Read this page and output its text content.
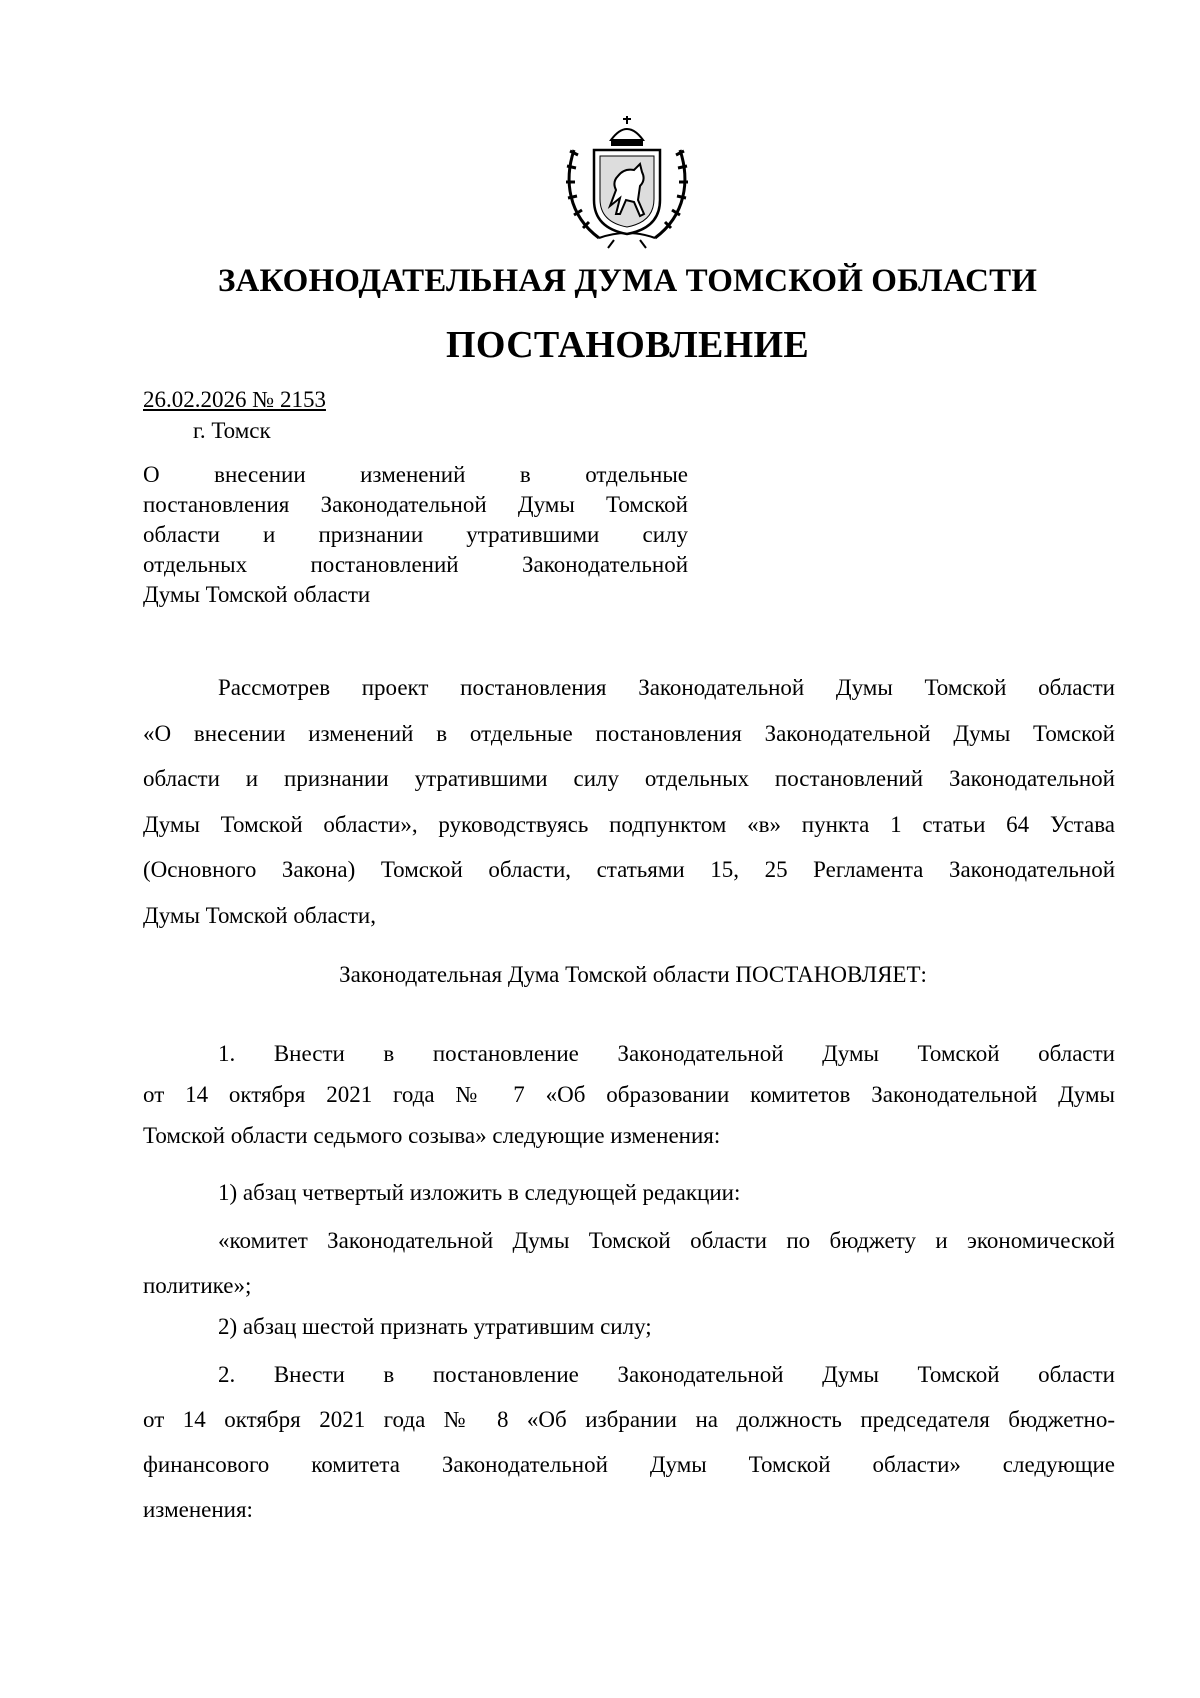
ЗАКОНОДАТЕЛЬНАЯ ДУМА ТОМСКОЙ ОБЛАСТИ
ПОСТАНОВЛЕНИЕ
26.02.2026 № 2153
г. Томск
О внесении изменений в отдельные
постановления Законодательной Думы Томской
области и признании утратившими силу
отдельных постановлений Законодательной
Думы Томской области
Рассмотрев проект постановления Законодательной Думы Томской области
«О внесении изменений в отдельные постановления Законодательной Думы Томской
области и признании утратившими силу отдельных постановлений Законодательной
Думы Томской области», руководствуясь подпунктом «в» пункта 1 статьи 64 Устава
(Основного Закона) Томской области, статьями 15, 25 Регламента Законодательной
Думы Томской области,
Законодательная Дума Томской области ПОСТАНОВЛЯЕТ:
1. Внести в постановление Законодательной Думы Томской области
от 14 октября 2021 года № 7 «Об образовании комитетов Законодательной Думы
Томской области седьмого созыва» следующие изменения:
1) абзац четвертый изложить в следующей редакции:
«комитет Законодательной Думы Томской области по бюджету и экономической
политике»;
2) абзац шестой признать утратившим силу;
2. Внести в постановление Законодательной Думы Томской области
от 14 октября 2021 года № 8 «Об избрании на должность председателя бюджетно-
финансового комитета Законодательной Думы Томской области» следующие
изменения:
